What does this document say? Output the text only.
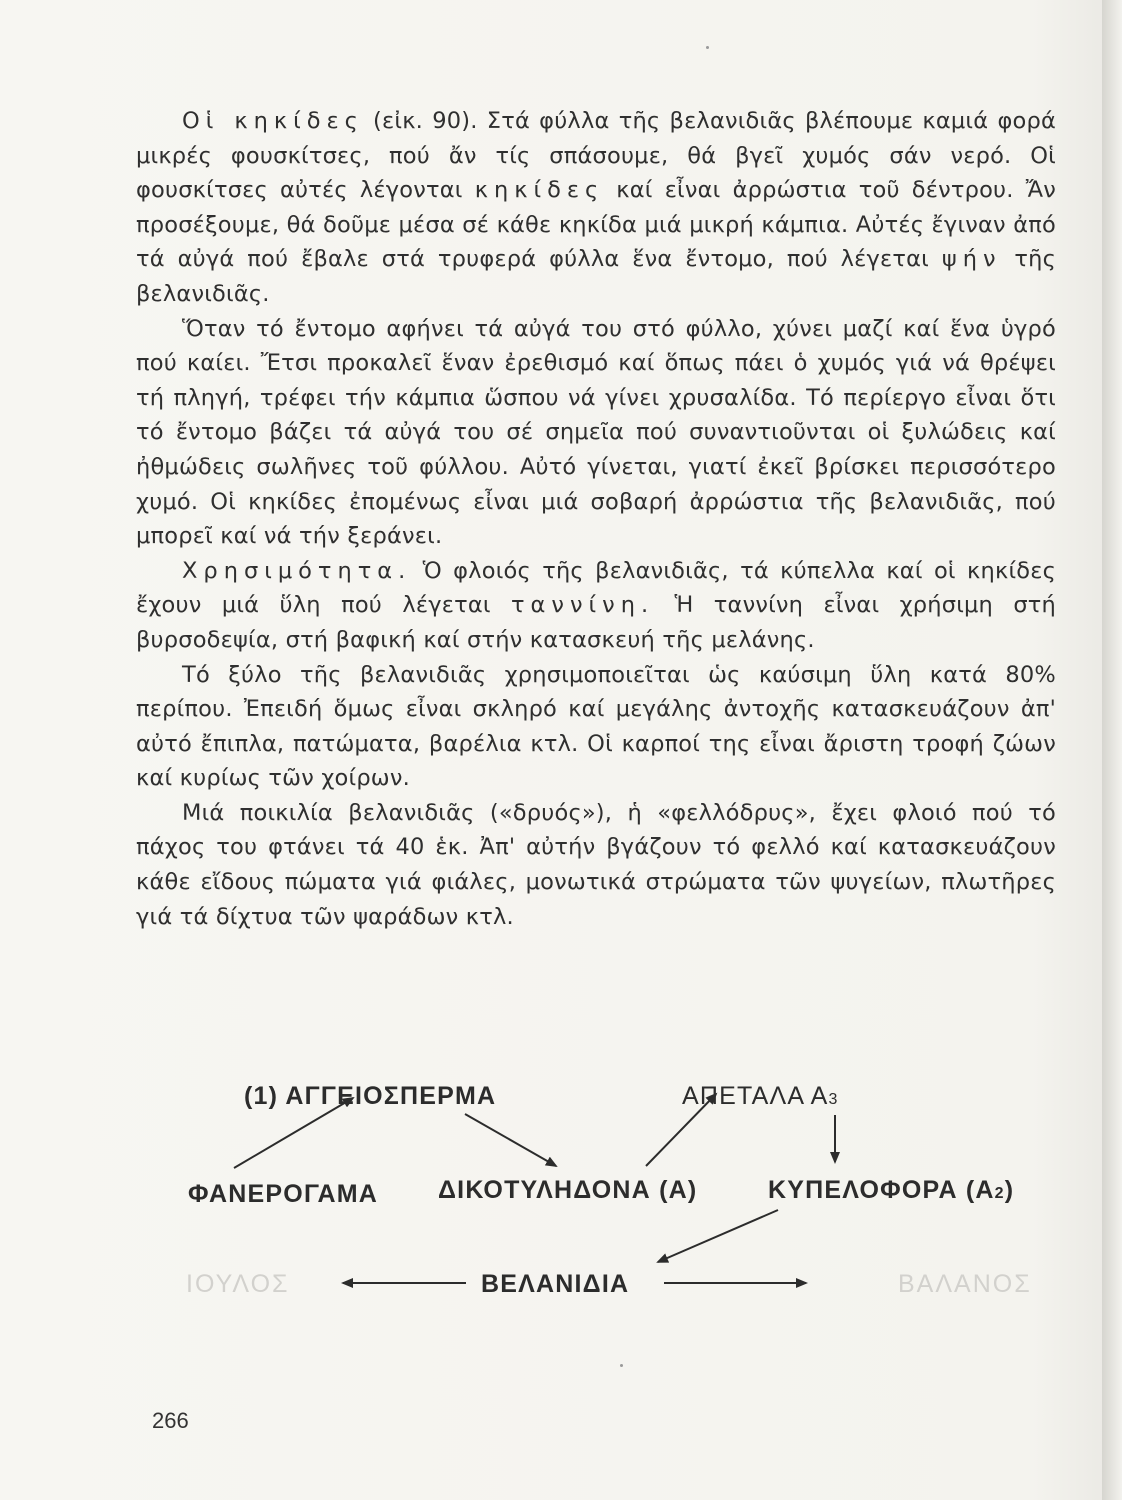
Οἱ κηκίδες (εἰκ. 90). Στά φύλλα τῆς βελανιδιᾶς βλέπουμε καμιά φορά μικρές φουσκίτσες, πού ἄν τίς σπάσουμε, θά βγεῖ χυμός σάν νερό. Οἱ φουσκίτσες αὐτές λέγονται κηκίδες καί εἶναι ἀρρώστια τοῦ δέντρου. Ἄν προσέξουμε, θά δοῦμε μέσα σέ κάθε κηκίδα μιά μικρή κάμπια. Αὐτές ἔγιναν ἀπό τά αὐγά πού ἔβαλε στά τρυφερά φύλλα ἕνα ἔντομο, πού λέγεται ψήν τῆς βελανιδιᾶς.

Ὅταν τό ἔντομο αφήνει τά αὐγά του στό φύλλο, χύνει μαζί καί ἕνα ὑγρό πού καίει. Ἔτσι προκαλεῖ ἕναν ἐρεθισμό καί ὅπως πάει ὁ χυμός γιά νά θρέψει τή πληγή, τρέφει τήν κάμπια ὥσπου νά γίνει χρυσαλίδα. Τό περίεργο εἶναι ὅτι τό ἔντομο βάζει τά αὐγά του σέ σημεῖα πού συναντιοῦνται οἱ ξυλώδεις καί ἠθμώδεις σωλῆνες τοῦ φύλλου. Αὐτό γίνεται, γιατί ἐκεῖ βρίσκει περισσότερο χυμό. Οἱ κηκίδες ἐπομένως εἶναι μιά σοβαρή ἀρρώστια τῆς βελανιδιᾶς, πού μπορεῖ καί νά τήν ξεράνει.

Χρησιμότητα. Ὁ φλοιός τῆς βελανιδιᾶς, τά κύπελλα καί οἱ κηκίδες ἔχουν μιά ὕλη πού λέγεται ταννίνη. Ἡ ταννίνη εἶναι χρήσιμη στή βυρσοδεψία, στή βαφική καί στήν κατασκευή τῆς μελάνης.

Τό ξύλο τῆς βελανιδιᾶς χρησιμοποιεῖται ὡς καύσιμη ὕλη κατά 80% περίπου. Ἐπειδή ὅμως εἶναι σκληρό καί μεγάλης ἀντοχῆς κατασκευάζουν ἀπ' αὐτό ἔπιπλα, πατώματα, βαρέλια κτλ. Οἱ καρποί της εἶναι ἄριστη τροφή ζώων καί κυρίως τῶν χοίρων.

Μιά ποικιλία βελανιδιᾶς («δρυός»), ἡ «φελλόδρυς», ἔχει φλοιό πού τό πάχος του φτάνει τά 40 ἑκ. Ἀπ' αὐτήν βγάζουν τό φελλό καί κατασκευάζουν κάθε εἴδους πώματα γιά φιάλες, μονωτικά στρώματα τῶν ψυγείων, πλωτῆρες γιά τά δίχτυα τῶν ψαράδων κτλ.

(1) ΑΓΓΕΙΟΣΠΕΡΜΑ	ΑΠΕΤΑΛΑ Α3
ΦΑΝΕΡΟΓΑΜΑ ΔΙΚΟΤΥΛΗΔΟΝΑ (Α)	ΚΥΠΕΛΟΦΟΡΑ (Α2)
ΒΕΛΑΝΙΔΙΑ
ΙΟΥΛΟΣ	ΒΑΛΑΝΟΣ
266
